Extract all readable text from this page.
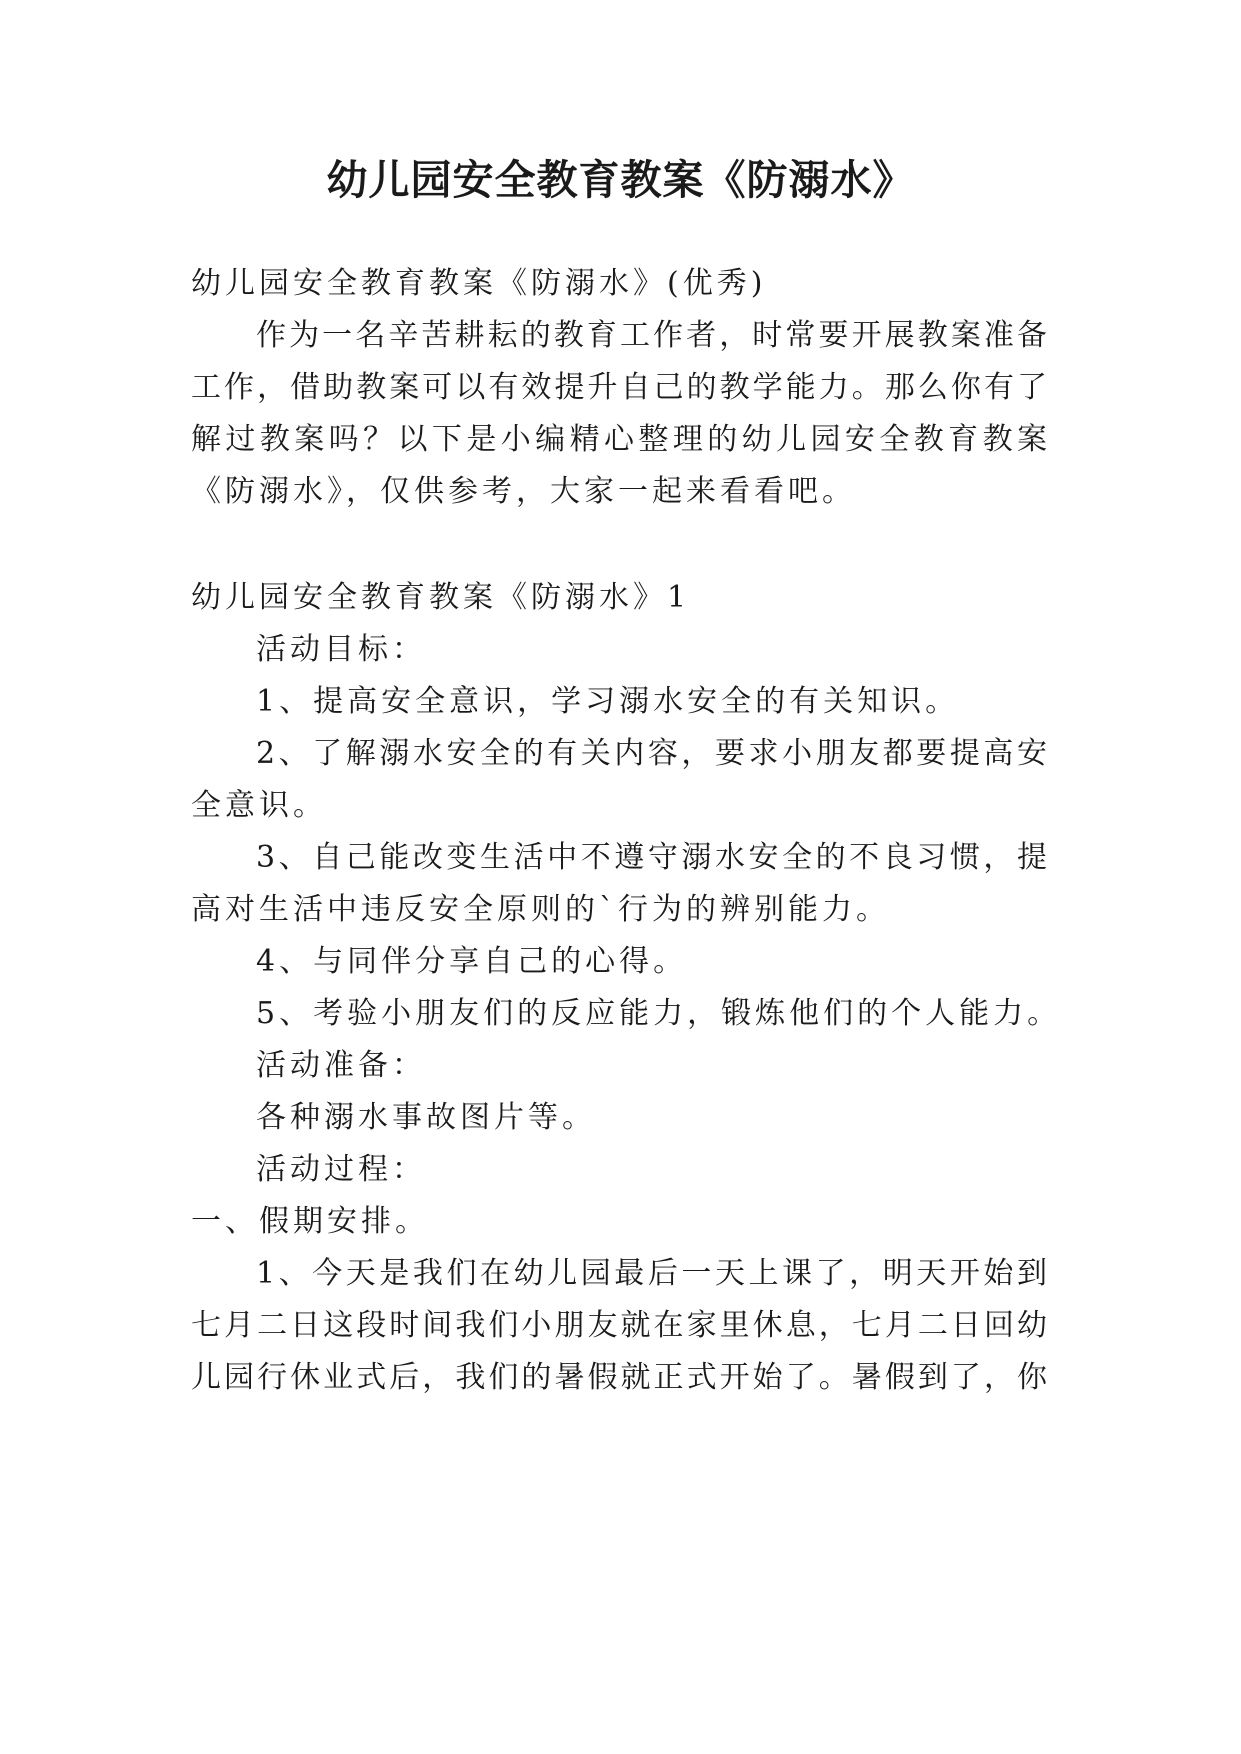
幼儿园安全教育教案《防溺水》
幼儿园安全教育教案《防溺水》(优秀)
作为一名辛苦耕耘的教育工作者，时常要开展教案准备
工作，借助教案可以有效提升自己的教学能力。那么你有了
解过教案吗？以下是小编精心整理的幼儿园安全教育教案
《防溺水》，仅供参考，大家一起来看看吧。
幼儿园安全教育教案《防溺水》1
活动目标：
1、提高安全意识，学习溺水安全的有关知识。
2、了解溺水安全的有关内容，要求小朋友都要提高安
全意识。
3、自己能改变生活中不遵守溺水安全的不良习惯，提
高对生活中违反安全原则的`行为的辨别能力。
4、与同伴分享自己的心得。
5、考验小朋友们的反应能力，锻炼他们的个人能力。
活动准备：
各种溺水事故图片等。
活动过程：
一、假期安排。
1、今天是我们在幼儿园最后一天上课了，明天开始到
七月二日这段时间我们小朋友就在家里休息，七月二日回幼
儿园行休业式后，我们的暑假就正式开始了。暑假到了，你
